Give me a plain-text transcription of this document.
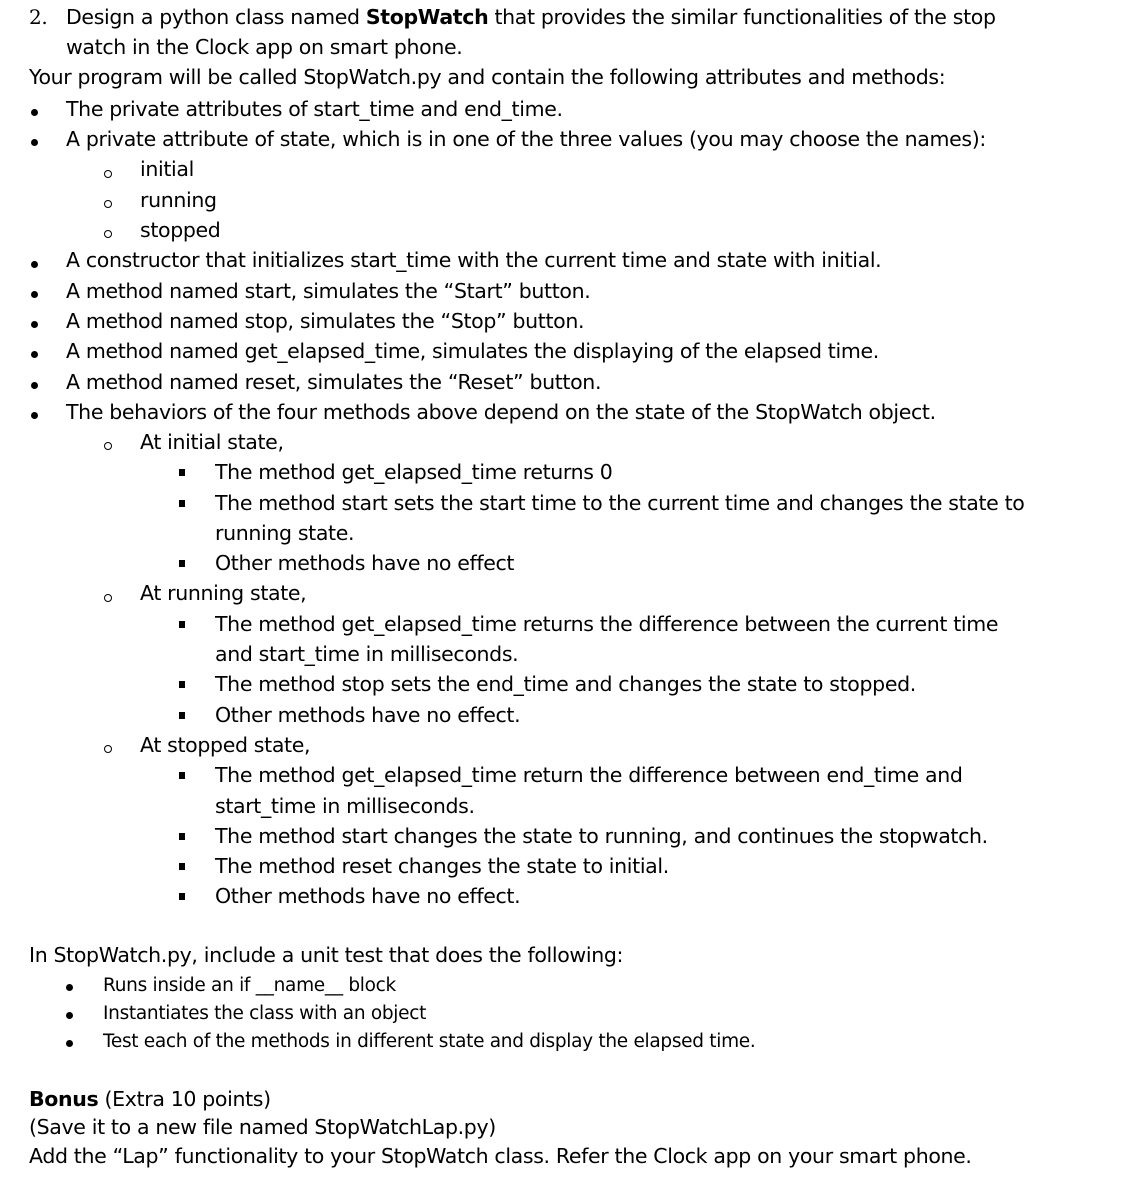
2. Design a python class named StopWatch that provides the similar functionalities of the stop
watch in the Clock app on smart phone.
Your program will be called StopWatch.py and contain the following attributes and methods:
The private attributes of start_time and end_time.
A private attribute of state, which is in one of the three values (you may choose the names):
initial
running
stopped
A constructor that initializes start_time with the current time and state with initial.
A method named start, simulates the “Start” button.
A method named stop, simulates the “Stop” button.
A method named get_elapsed_time, simulates the displaying of the elapsed time.
A method named reset, simulates the “Reset” button.
The behaviors of the four methods above depend on the state of the StopWatch object.
At initial state,
The method get_elapsed_time returns 0
The method start sets the start time to the current time and changes the state to
running state.
Other methods have no effect
At running state,
The method get_elapsed_time returns the difference between the current time
and start_time in milliseconds.
The method stop sets the end_time and changes the state to stopped.
Other methods have no effect.
At stopped state,
The method get_elapsed_time return the difference between end_time and
start_time in milliseconds.
The method start changes the state to running, and continues the stopwatch.
The method reset changes the state to initial.
Other methods have no effect.
In StopWatch.py, include a unit test that does the following:
Runs inside an if __name__ block
Instantiates the class with an object
Test each of the methods in different state and display the elapsed time.
Bonus (Extra 10 points)
(Save it to a new file named StopWatchLap.py)
Add the “Lap” functionality to your StopWatch class. Refer the Clock app on your smart phone.
